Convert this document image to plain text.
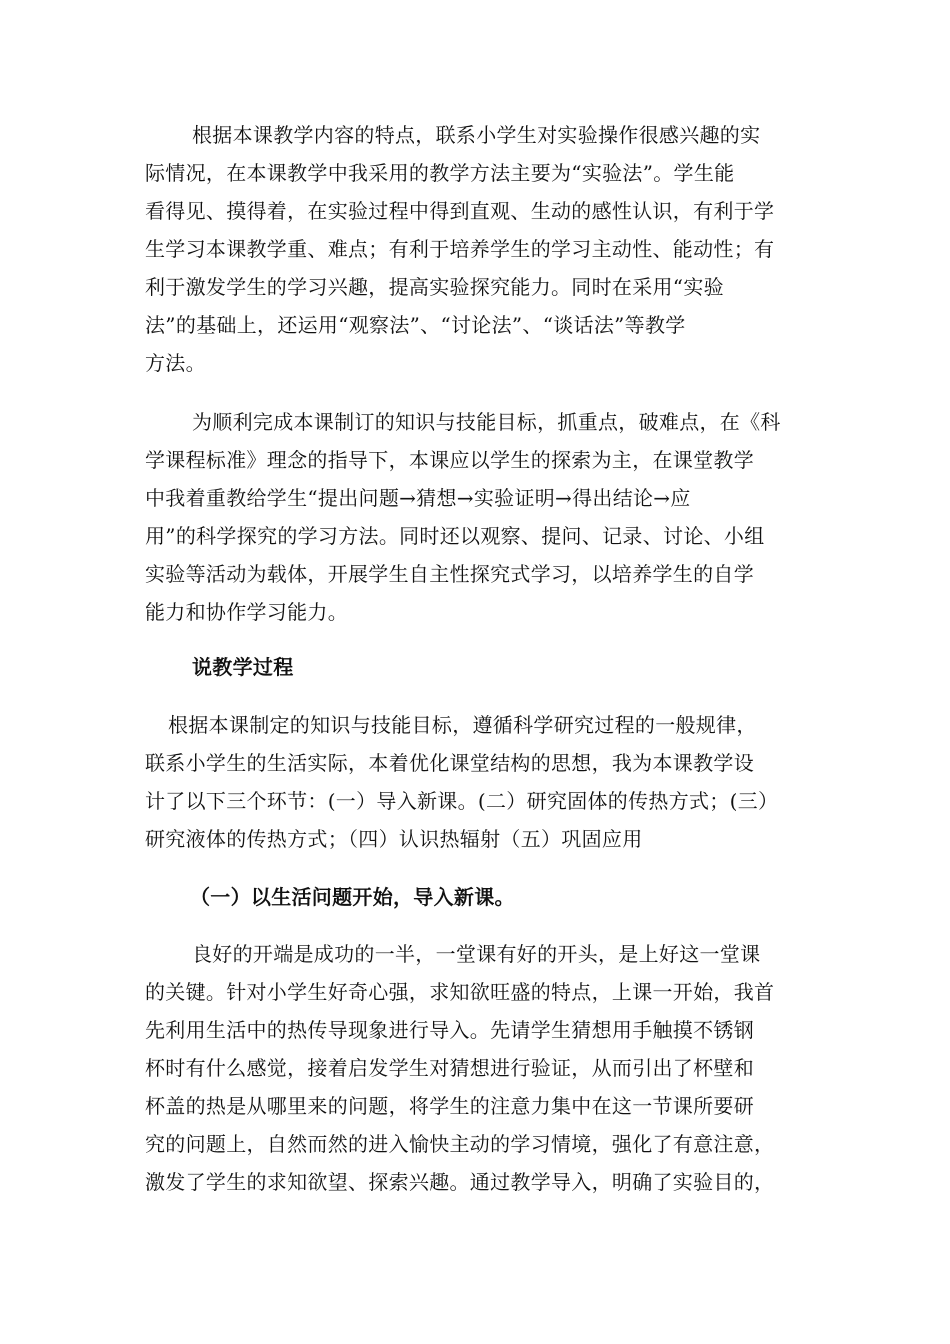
根据本课教学内容的特点，联系小学生对实验操作很感兴趣的实
际情况，在本课教学中我采用的教学方法主要为“实验法”。学生能
看得见、摸得着，在实验过程中得到直观、生动的感性认识，有利于学
生学习本课教学重、难点；有利于培养学生的学习主动性、能动性；有
利于激发学生的学习兴趣，提高实验探究能力。同时在采用“实验
法”的基础上，还运用“观察法”、“讨论法”、“谈话法”等教学
方法。
为顺利完成本课制订的知识与技能目标，抓重点，破难点，在《科
学课程标准》理念的指导下，本课应以学生的探索为主，在课堂教学
中我着重教给学生“提出问题→猜想→实验证明→得出结论→应
用”的科学探究的学习方法。同时还以观察、提问、记录、讨论、小组
实验等活动为载体，开展学生自主性探究式学习，以培养学生的自学
能力和协作学习能力。
说教学过程
根据本课制定的知识与技能目标，遵循科学研究过程的一般规律，
联系小学生的生活实际，本着优化课堂结构的思想，我为本课教学设
计了以下三个环节：(一）导入新课。(二）研究固体的传热方式；(三）
研究液体的传热方式；（四）认识热辐射（五）巩固应用
（一）以生活问题开始，导入新课。
良好的开端是成功的一半，一堂课有好的开头，是上好这一堂课
的关键。针对小学生好奇心强，求知欲旺盛的特点，上课一开始，我首
先利用生活中的热传导现象进行导入。先请学生猜想用手触摸不锈钢
杯时有什么感觉，接着启发学生对猜想进行验证，从而引出了杯壁和
杯盖的热是从哪里来的问题，将学生的注意力集中在这一节课所要研
究的问题上，自然而然的进入愉快主动的学习情境，强化了有意注意，
激发了学生的求知欲望、探索兴趣。通过教学导入，明确了实验目的，
